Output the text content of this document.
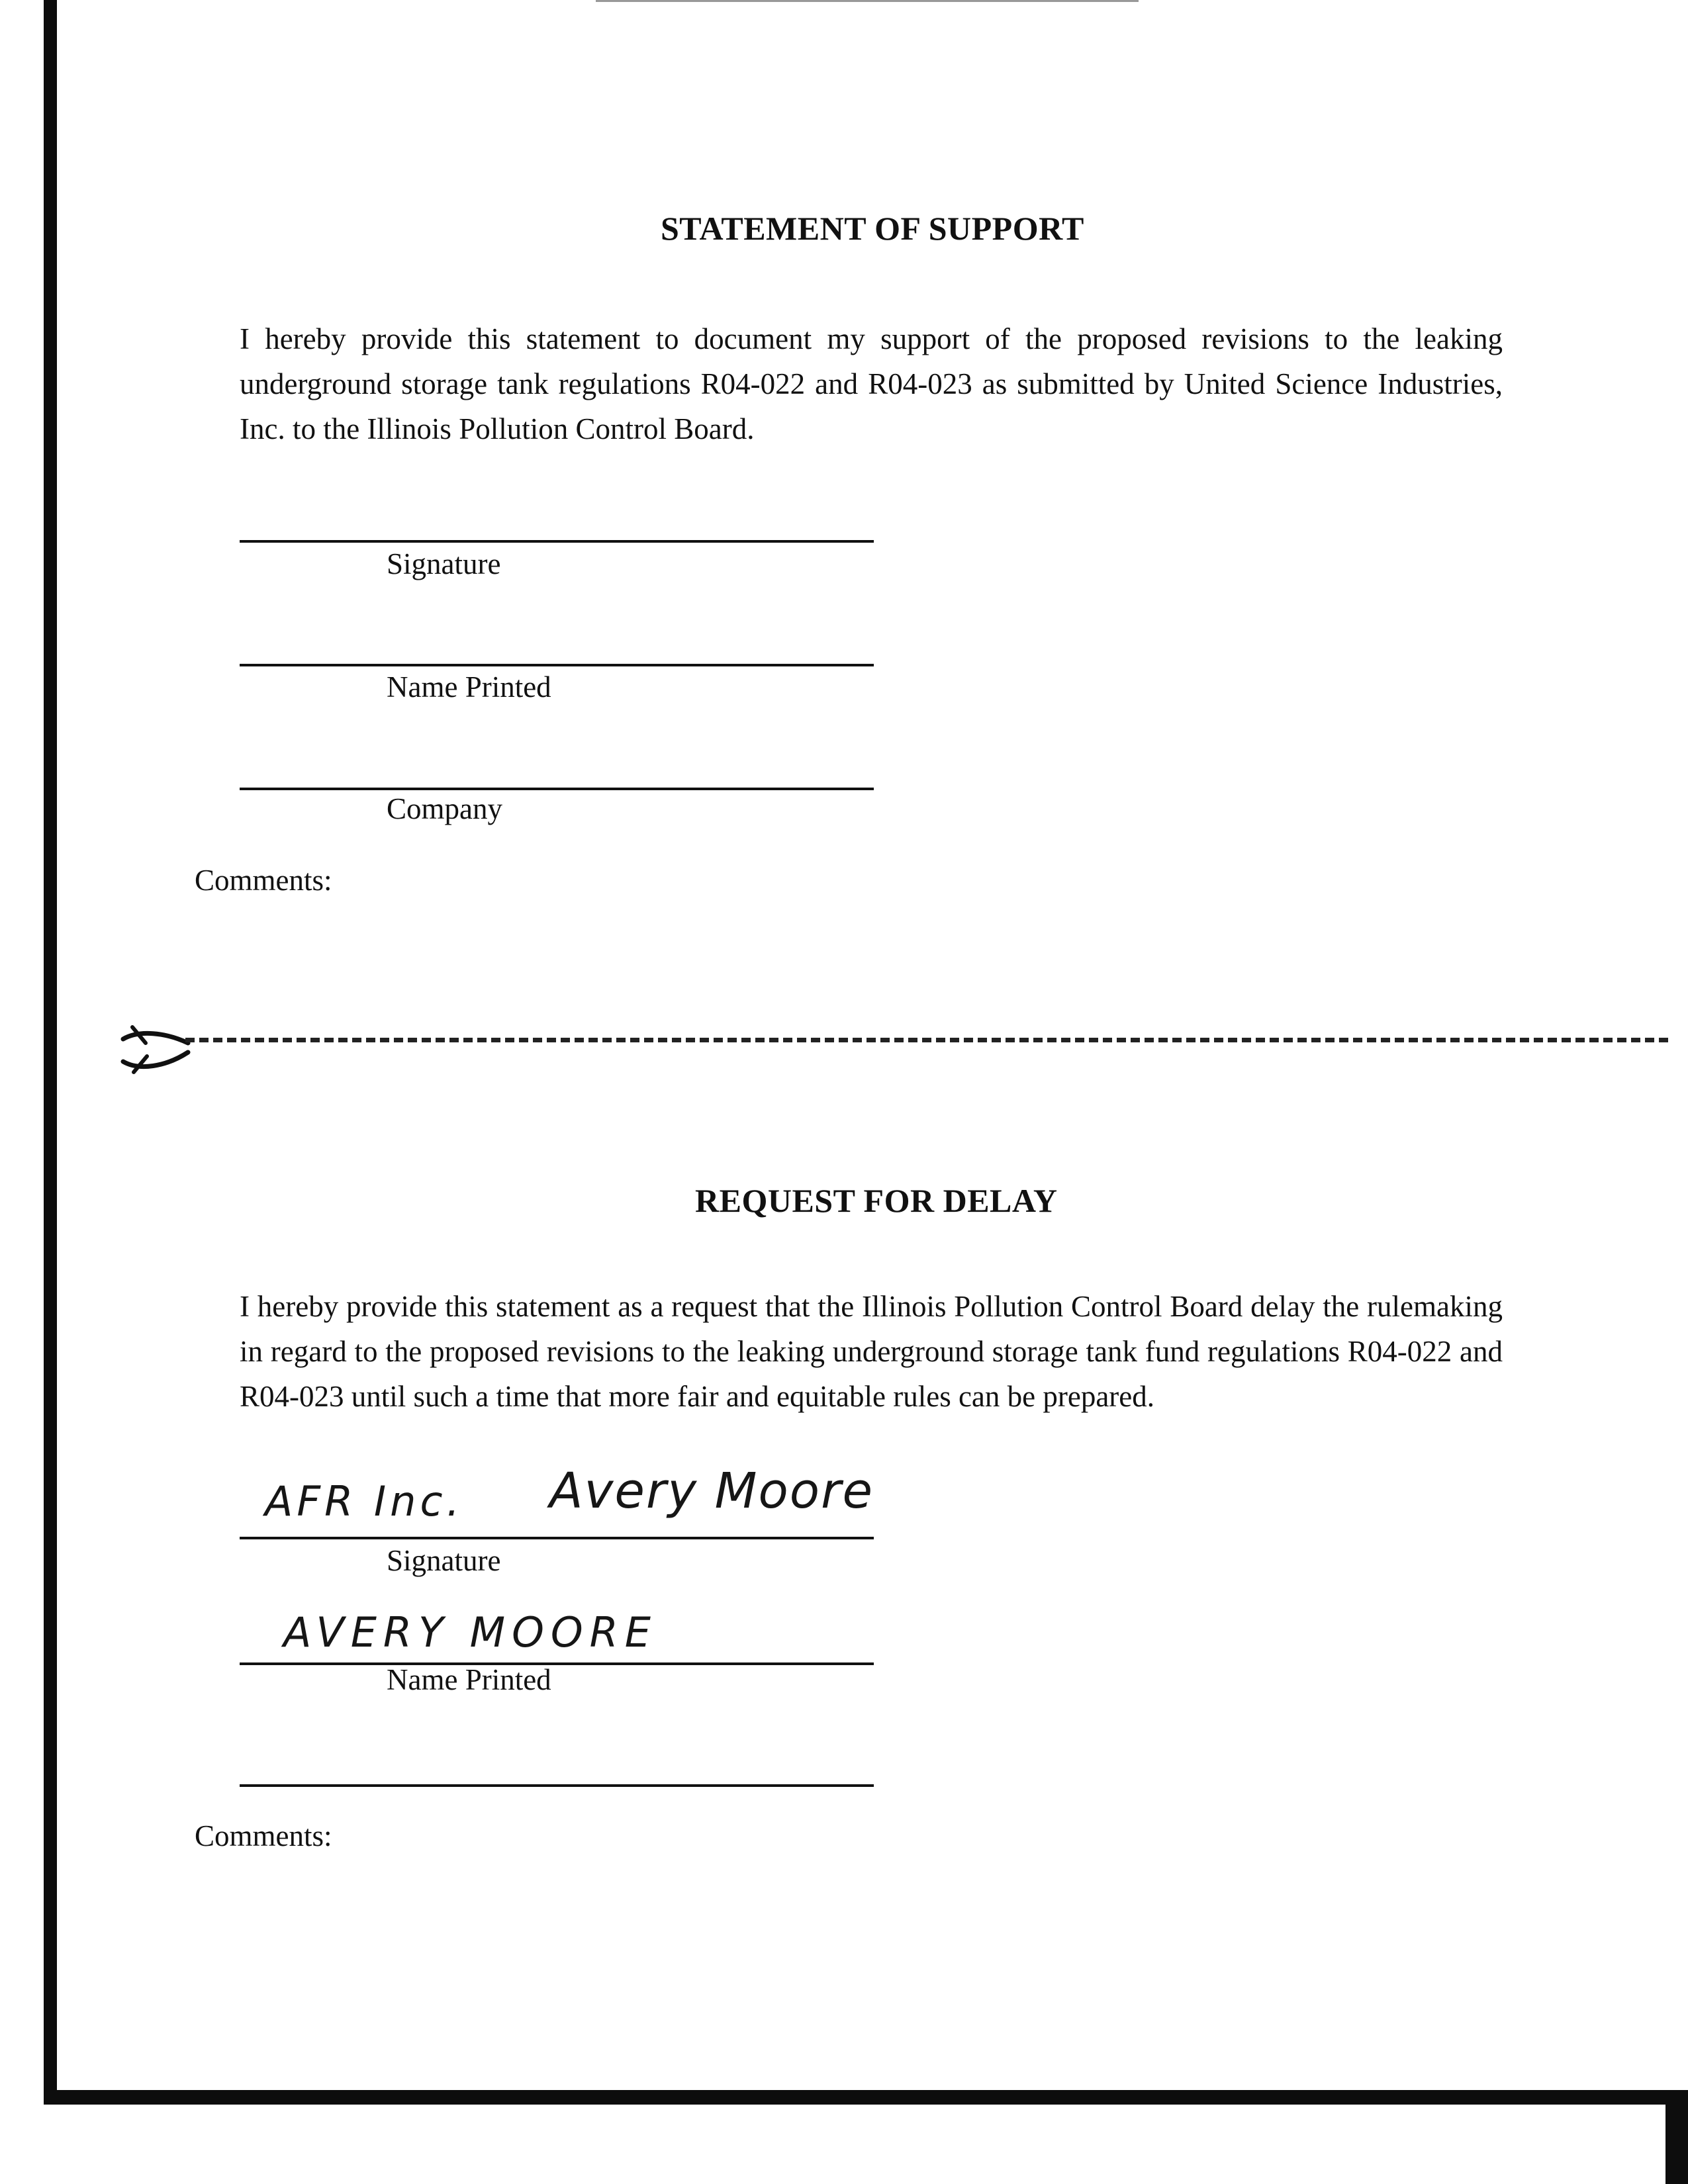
STATEMENT OF SUPPORT

I hereby provide this statement to document my support of the proposed revisions to the leaking underground storage tank regulations R04-022 and R04-023 as submitted by United Science Industries, Inc. to the Illinois Pollution Control Board.

Signature

Name Printed

Company

Comments:

REQUEST FOR DELAY

I hereby provide this statement as a request that the Illinois Pollution Control Board delay the rulemaking in regard to the proposed revisions to the leaking underground storage tank fund regulations R04-022 and R04-023 until such a time that more fair and equitable rules can be prepared.

AFR Inc. Avery Moore

Signature

AVERY MOORE

Name Printed

Comments:
